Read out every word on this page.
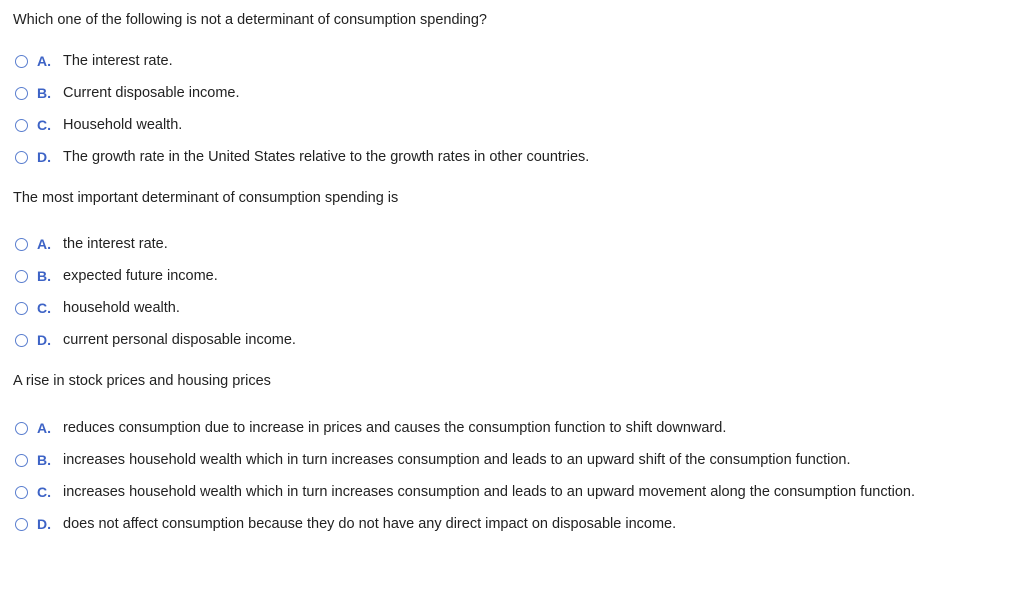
Which one of the following is not a determinant of consumption spending?

A. The interest rate.
B. Current disposable income.
C. Household wealth.
D. The growth rate in the United States relative to the growth rates in other countries.

The most important determinant of consumption spending is

A. the interest rate.
B. expected future income.
C. household wealth.
D. current personal disposable income.

A rise in stock prices and housing prices

A. reduces consumption due to increase in prices and causes the consumption function to shift downward.
B. increases household wealth which in turn increases consumption and leads to an upward shift of the consumption function.
C. increases household wealth which in turn increases consumption and leads to an upward movement along the consumption function.
D. does not affect consumption because they do not have any direct impact on disposable income.
